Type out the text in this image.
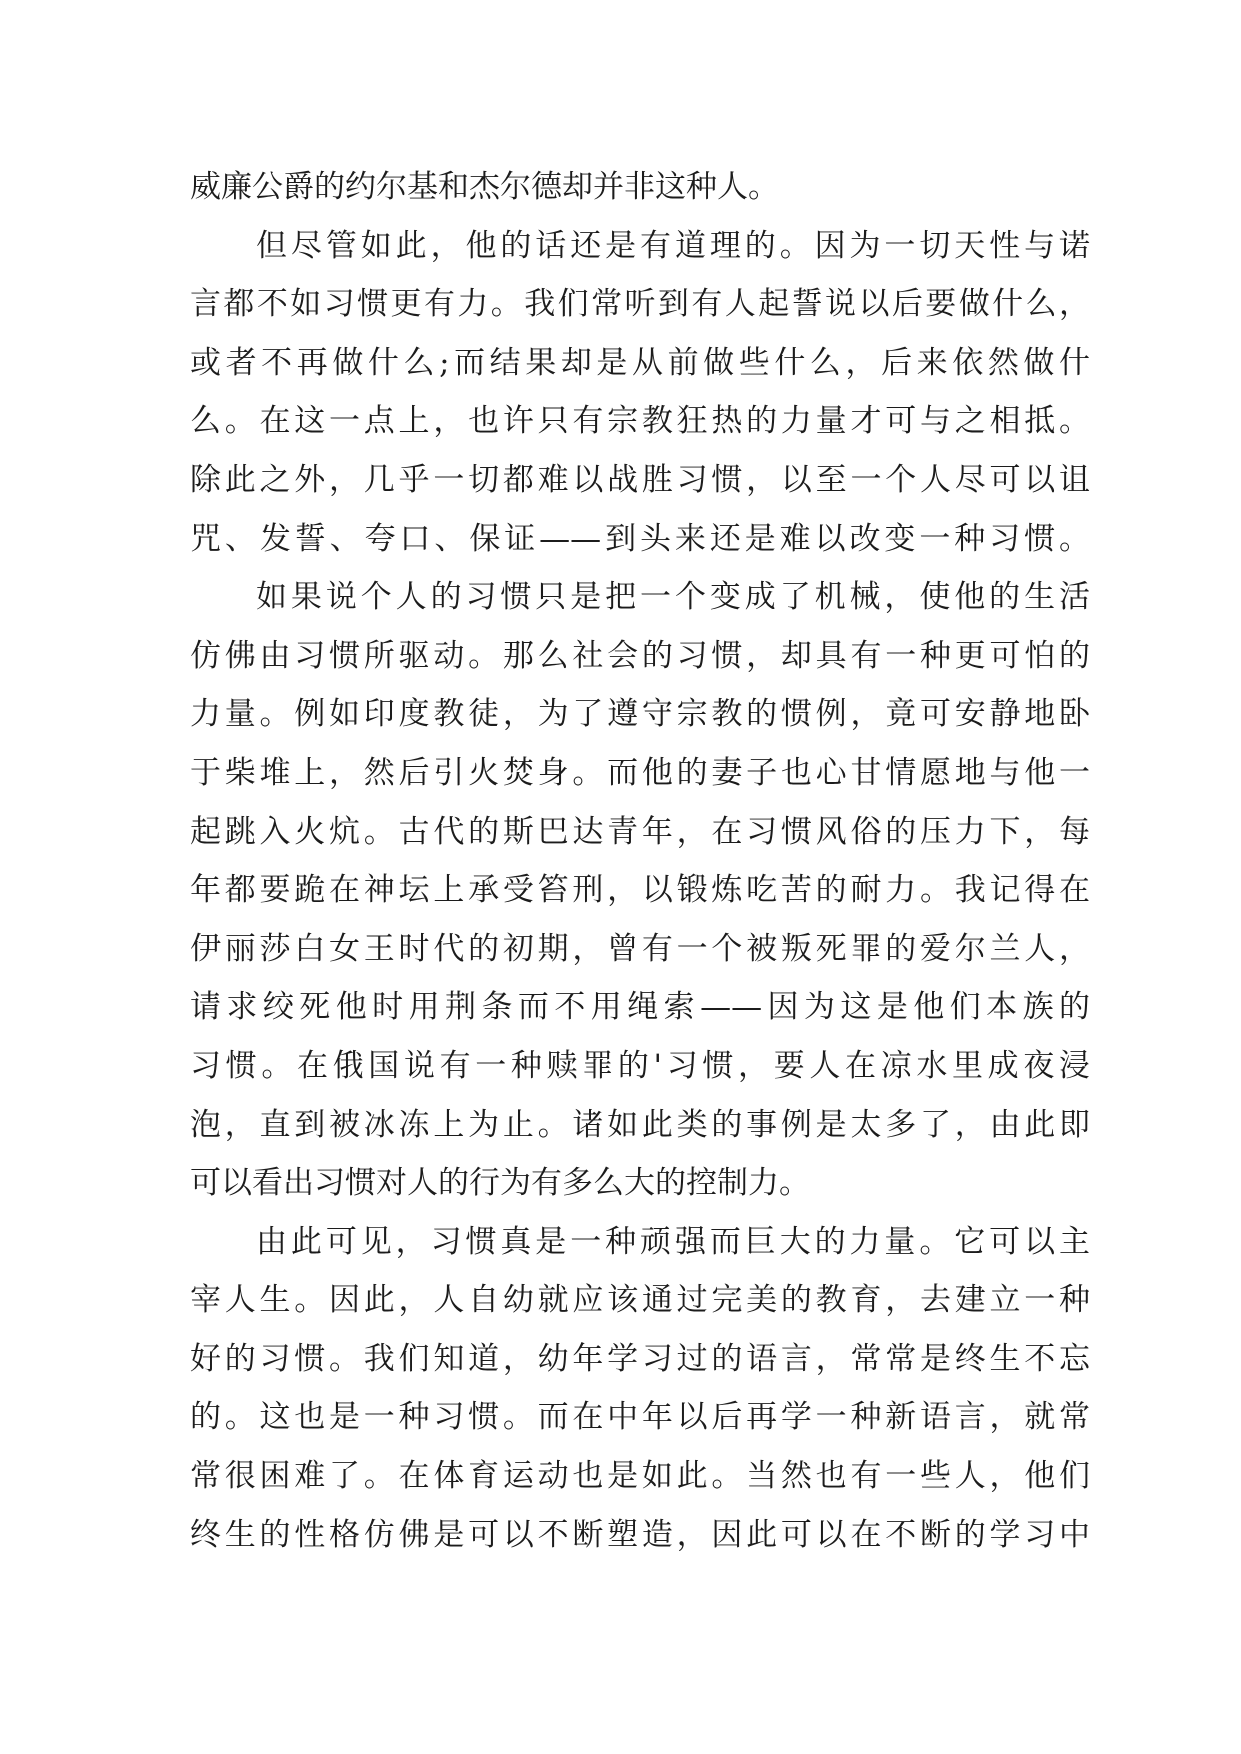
威廉公爵的约尔基和杰尔德却并非这种人。
但尽管如此，他的话还是有道理的。因为一切天性与诺
言都不如习惯更有力。我们常听到有人起誓说以后要做什么，
或者不再做什么;而结果却是从前做些什么，后来依然做什
么。在这一点上，也许只有宗教狂热的力量才可与之相抵。
除此之外，几乎一切都难以战胜习惯，以至一个人尽可以诅
咒、发誓、夸口、保证——到头来还是难以改变一种习惯。
如果说个人的习惯只是把一个变成了机械，使他的生活
仿佛由习惯所驱动。那么社会的习惯，却具有一种更可怕的
力量。例如印度教徒，为了遵守宗教的惯例，竟可安静地卧
于柴堆上，然后引火焚身。而他的妻子也心甘情愿地与他一
起跳入火炕。古代的斯巴达青年，在习惯风俗的压力下，每
年都要跪在神坛上承受笞刑，以锻炼吃苦的耐力。我记得在
伊丽莎白女王时代的初期，曾有一个被叛死罪的爱尔兰人，
请求绞死他时用荆条而不用绳索——因为这是他们本族的
习惯。在俄国说有一种赎罪的'习惯，要人在凉水里成夜浸
泡，直到被冰冻上为止。诸如此类的事例是太多了，由此即
可以看出习惯对人的行为有多么大的控制力。
由此可见，习惯真是一种顽强而巨大的力量。它可以主
宰人生。因此，人自幼就应该通过完美的教育，去建立一种
好的习惯。我们知道，幼年学习过的语言，常常是终生不忘
的。这也是一种习惯。而在中年以后再学一种新语言，就常
常很困难了。在体育运动也是如此。当然也有一些人，他们
终生的性格仿佛是可以不断塑造，因此可以在不断的学习中
